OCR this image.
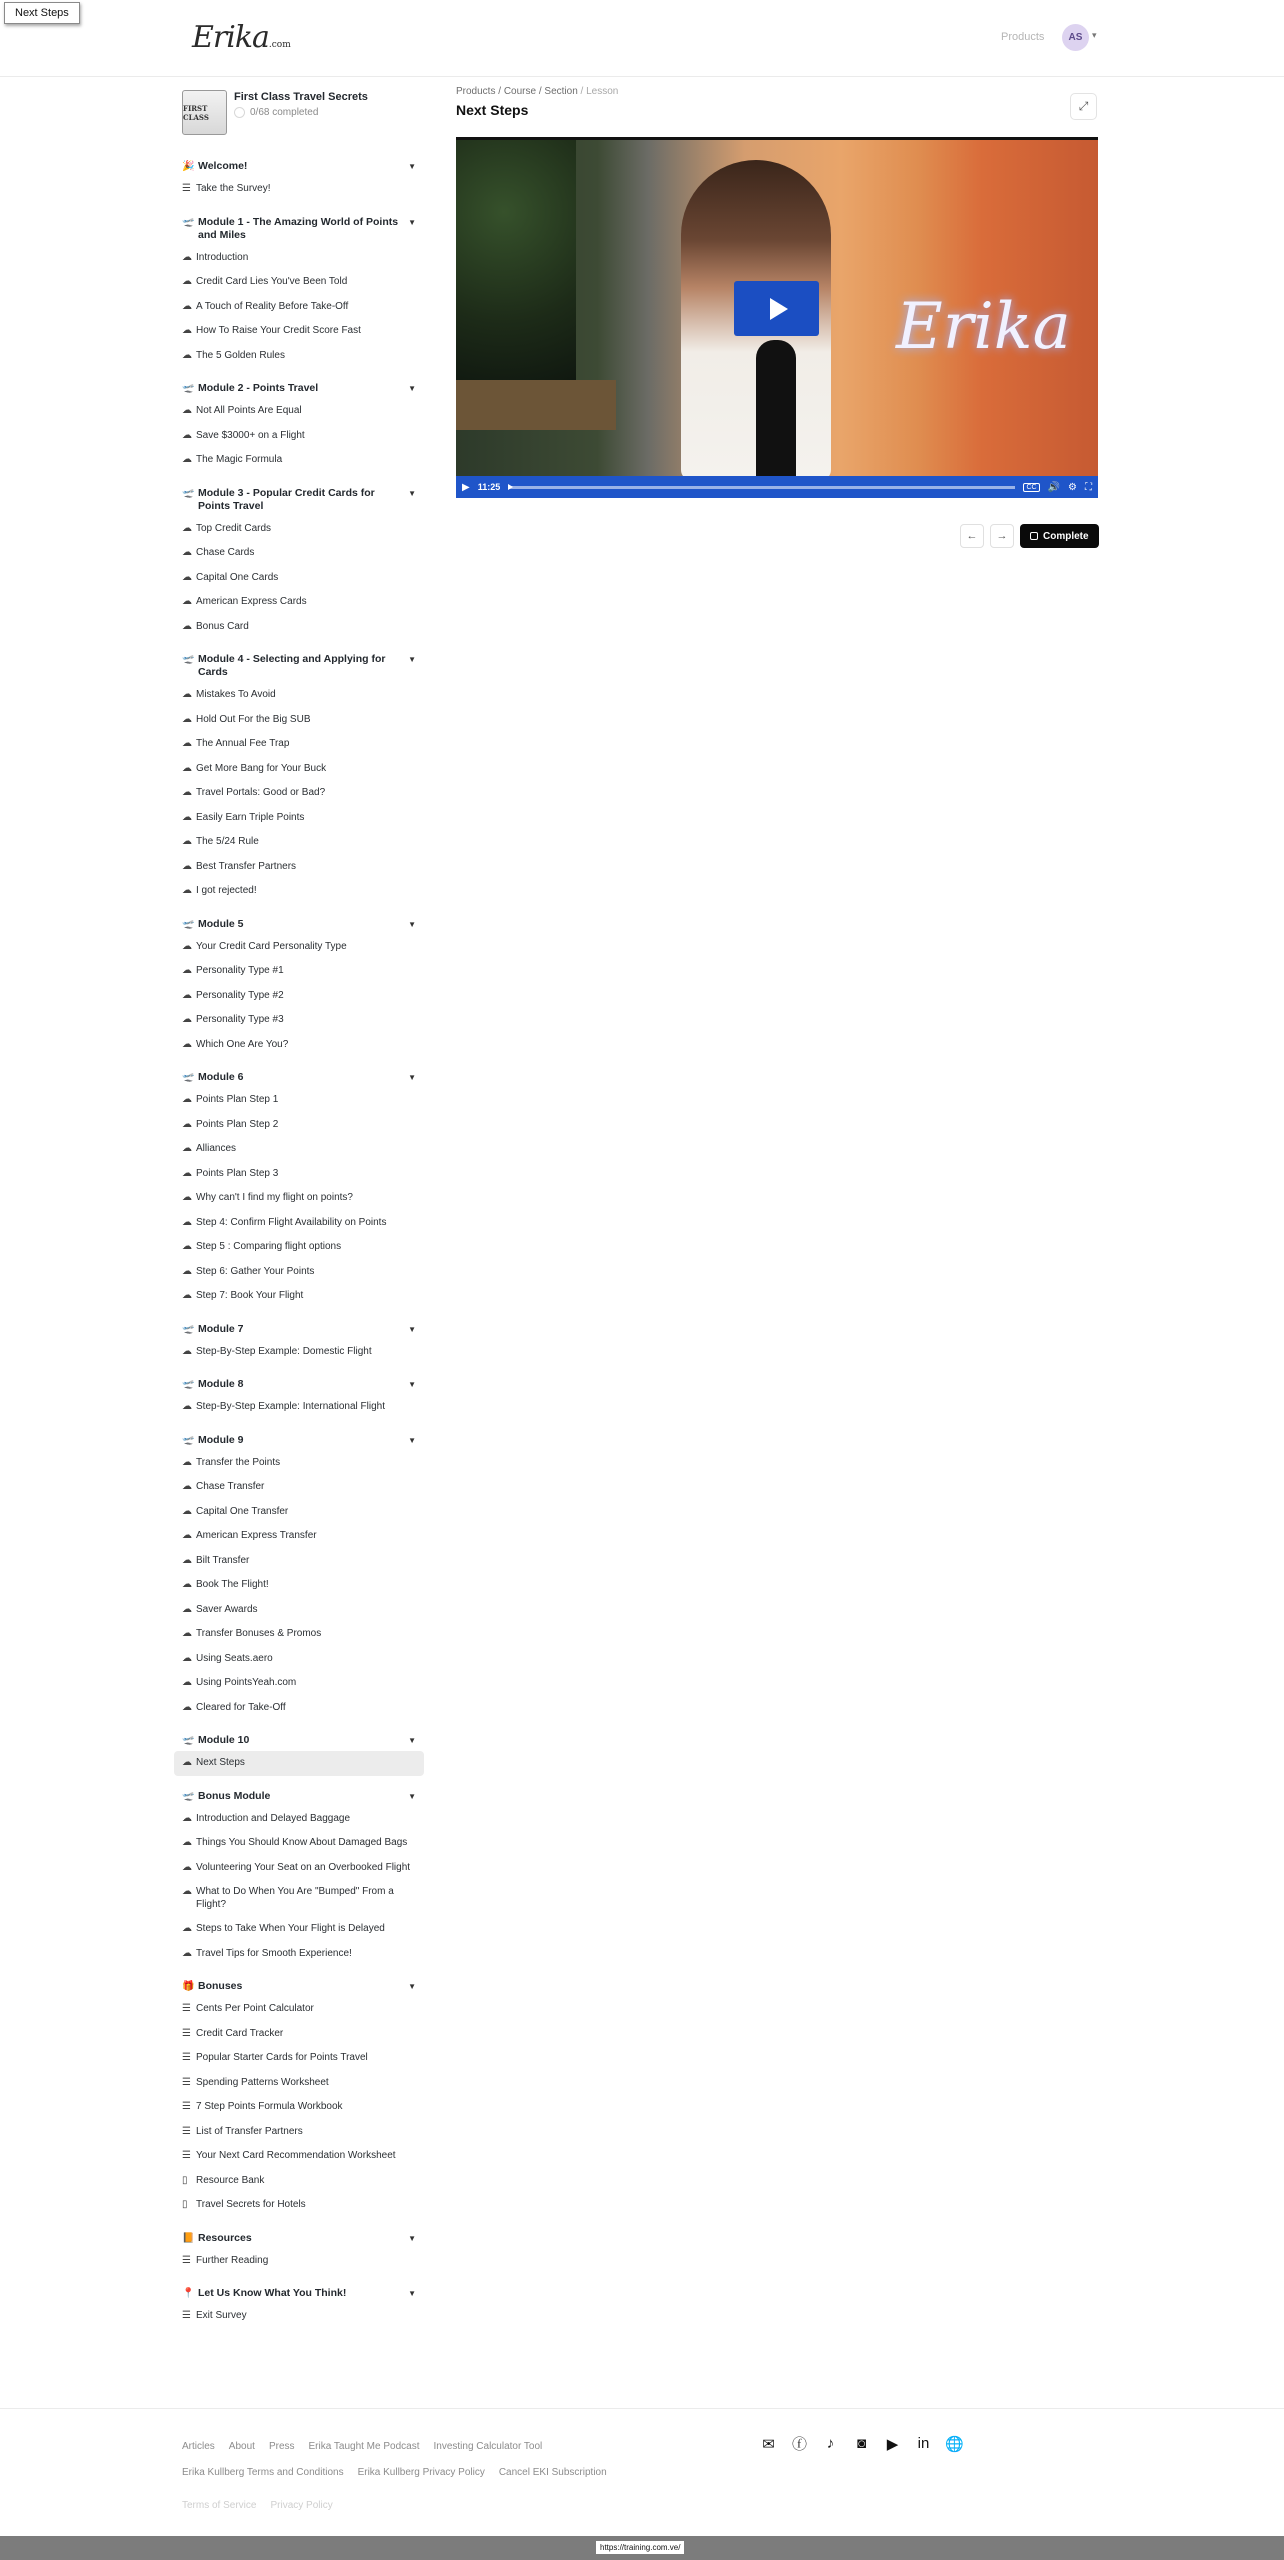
Next Steps
Erika.com
Products	AS	▾
FIRST CLASS
First Class Travel Secrets
0/68 completed
🎉 Welcome!	▼
☰ Take the Survey!
🛫 Module 1 - The Amazing World of Points and Miles
▼
☁ Introduction
☁ Credit Card Lies You've Been Told
☁ A Touch of Reality Before Take-Off
☁ How To Raise Your Credit Score Fast
☁ The 5 Golden Rules
🛫 Module 2 - Points Travel	▼
☁ Not All Points Are Equal
☁ Save $3000+ on a Flight
☁ The Magic Formula
🛫 Module 3 - Popular Credit Cards for Points Travel
▼
☁ Top Credit Cards
☁ Chase Cards
☁ Capital One Cards
☁ American Express Cards
☁ Bonus Card
🛫 Module 4 - Selecting and Applying for Cards
▼
☁ Mistakes To Avoid
☁ Hold Out For the Big SUB
☁ The Annual Fee Trap
☁ Get More Bang for Your Buck
☁ Travel Portals: Good or Bad?
☁ Easily Earn Triple Points
☁ The 5/24 Rule
☁ Best Transfer Partners
☁ I got rejected!
🛫 Module 5	▼
☁ Your Credit Card Personality Type
☁ Personality Type #1
☁ Personality Type #2
☁ Personality Type #3
☁ Which One Are You?
🛫 Module 6	▼
☁ Points Plan Step 1
☁ Points Plan Step 2
☁ Alliances
☁ Points Plan Step 3
☁ Why can't I find my flight on points?
☁ Step 4: Confirm Flight Availability on Points
☁ Step 5 : Comparing flight options
☁ Step 6: Gather Your Points
☁ Step 7: Book Your Flight
🛫 Module 7	▼
☁ Step-By-Step Example: Domestic Flight
🛫 Module 8	▼
☁ Step-By-Step Example: International Flight
🛫 Module 9	▼
☁ Transfer the Points
☁ Chase Transfer
☁ Capital One Transfer
☁ American Express Transfer
☁ Bilt Transfer
☁ Book The Flight!
☁ Saver Awards
☁ Transfer Bonuses & Promos
☁ Using Seats.aero
☁ Using PointsYeah.com
☁ Cleared for Take-Off
🛫 Module 10	▼
☁ Next Steps
🛫 Bonus Module	▼
☁ Introduction and Delayed Baggage
☁ Things You Should Know About Damaged Bags
☁ Volunteering Your Seat on an Overbooked Flight
☁ What to Do When You Are "Bumped" From a Flight?
☁ Steps to Take When Your Flight is Delayed
☁ Travel Tips for Smooth Experience!
🎁 Bonuses	▼
☰ Cents Per Point Calculator
☰ Credit Card Tracker
☰ Popular Starter Cards for Points Travel
☰ Spending Patterns Worksheet
☰ 7 Step Points Formula Workbook
☰ List of Transfer Partners
☰ Your Next Card Recommendation Worksheet
▯ Resource Bank
▯ Travel Secrets for Hotels
📙 Resources	▼
☰ Further Reading
📍 Let Us Know What You Think!	▼
☰ Exit Survey
Products / Course / Section / Lesson
Next Steps	⤢
Erika
▶ 11:25	CC	🔊 ⚙ ⛶
← →	Complete
Articles About Press Erika Taught Me Podcast Investing Calculator Tool
Erika Kullberg Terms and Conditions Erika Kullberg Privacy Policy Cancel EKI Subscription
Terms of Service Privacy Policy
✉ ⓕ	♪	◙ ▶ in 🌐
https://training.com.ve/
